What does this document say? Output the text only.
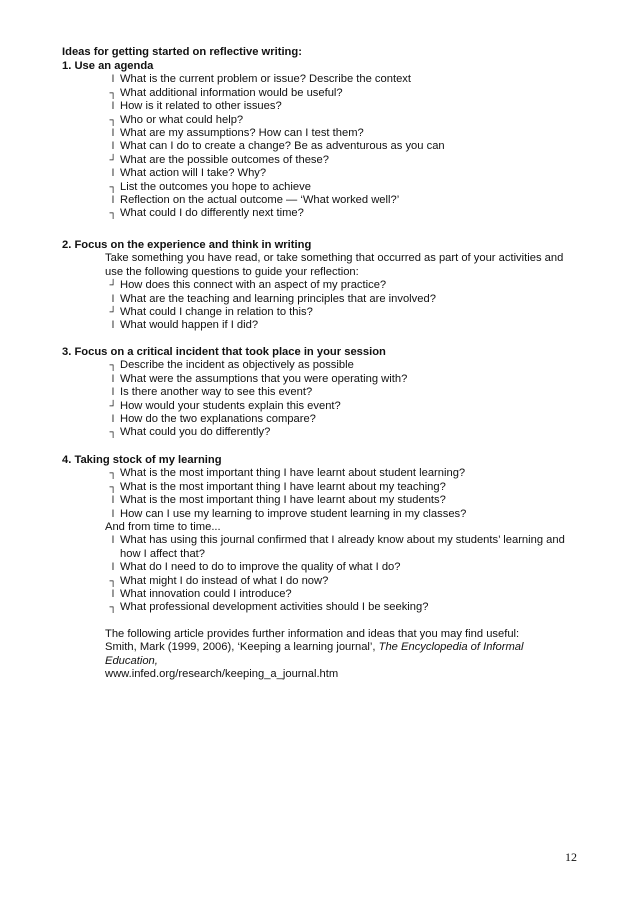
Ideas for getting started on reflective writing:
1. Use an agenda
l What is the current problem or issue? Describe the context
┐ What additional information would be useful?
l How is it related to other issues?
┐ Who or what could help?
l What are my assumptions? How can I test them?
l What can I do to create a change? Be as adventurous as you can
┘ What are the possible outcomes of these?
l What action will I take? Why?
┐ List the outcomes you hope to achieve
l Reflection on the actual outcome — ‘What worked well?’
┐ What could I do differently next time?
2. Focus on the experience and think in writing
Take something you have read, or take something that occurred as part of your activities and
use the following questions to guide your reflection:
┘ How does this connect with an aspect of my practice?
l What are the teaching and learning principles that are involved?
┘ What could I change in relation to this?
l What would happen if I did?
3. Focus on a critical incident that took place in your session
┐ Describe the incident as objectively as possible
l What were the assumptions that you were operating with?
l Is there another way to see this event?
┘ How would your students explain this event?
l How do the two explanations compare?
┐ What could you do differently?
4. Taking stock of my learning
┐ What is the most important thing I have learnt about student learning?
┐ What is the most important thing I have learnt about my teaching?
l What is the most important thing I have learnt about my students?
l How can I use my learning to improve student learning in my classes?
And from time to time...
l What has using this journal confirmed that I already know about my students’ learning and
how I affect that?
l What do I need to do to improve the quality of what I do?
┐ What might I do instead of what I do now?
l What innovation could I introduce?
┐ What professional development activities should I be seeking?
The following article provides further information and ideas that you may find useful:
Smith, Mark (1999, 2006), ‘Keeping a learning journal’, The Encyclopedia of Informal
Education,
www.infed.org/research/keeping_a_journal.htm
12
